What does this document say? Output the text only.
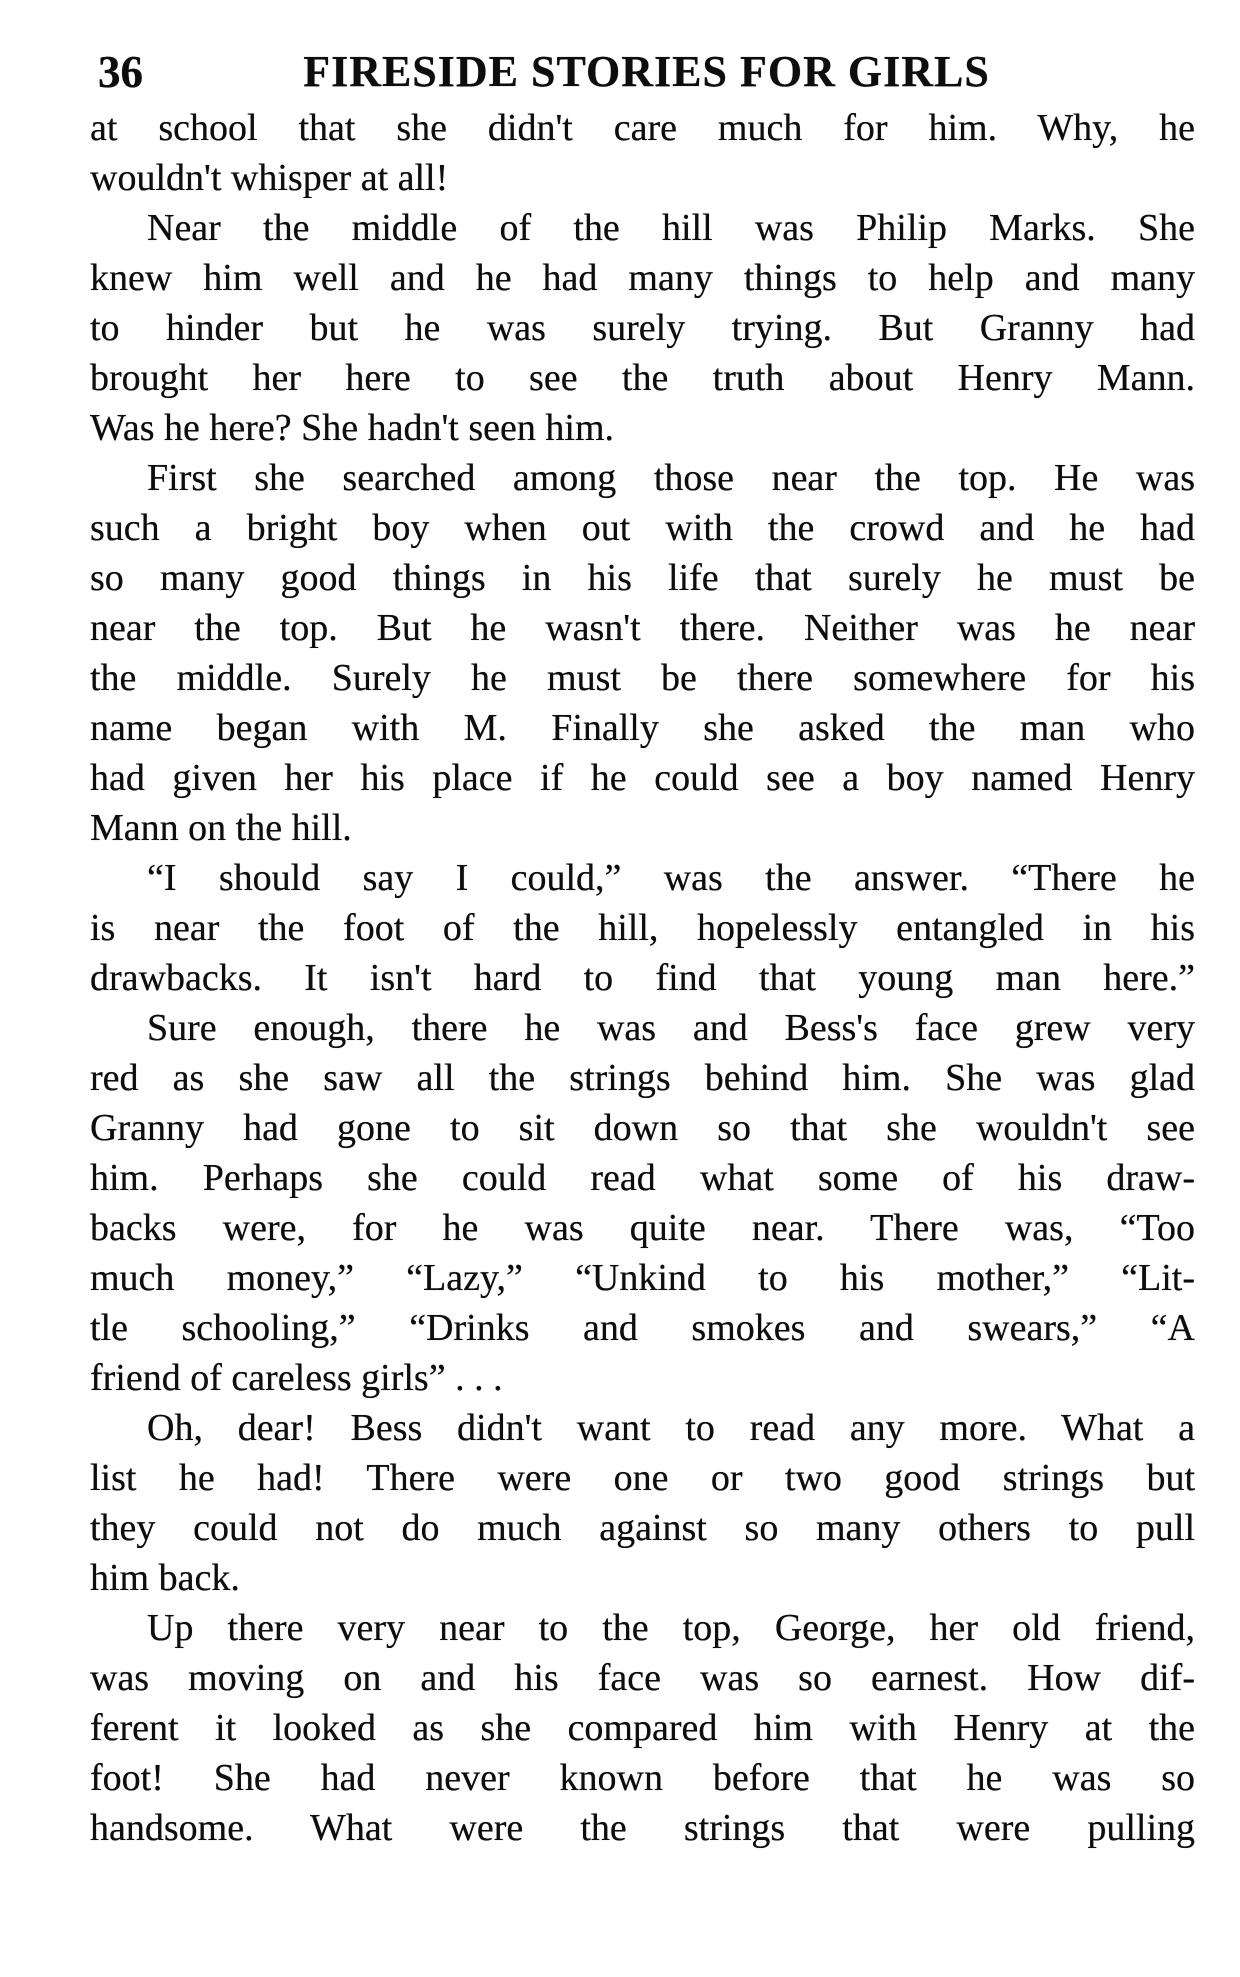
36	FIRESIDE STORIES FOR GIRLS
at school that she didn't care much for him. Why, he
wouldn't whisper at all!
Near the middle of the hill was Philip Marks. She
knew him well and he had many things to help and many
to hinder but he was surely trying. But Granny had
brought her here to see the truth about Henry Mann.
Was he here? She hadn't seen him.
First she searched among those near the top. He was
such a bright boy when out with the crowd and he had
so many good things in his life that surely he must be
near the top. But he wasn't there. Neither was he near
the middle. Surely he must be there somewhere for his
name began with M. Finally she asked the man who
had given her his place if he could see a boy named Henry
Mann on the hill.
“I should say I could,” was the answer. “There he
is near the foot of the hill, hopelessly entangled in his
drawbacks. It isn't hard to find that young man here.”
Sure enough, there he was and Bess's face grew very
red as she saw all the strings behind him. She was glad
Granny had gone to sit down so that she wouldn't see
him. Perhaps she could read what some of his draw-
backs were, for he was quite near. There was, “Too
much money,” “Lazy,” “Unkind to his mother,” “Lit-
tle schooling,” “Drinks and smokes and swears,” “A
friend of careless girls” . . .
Oh, dear! Bess didn't want to read any more. What a
list he had! There were one or two good strings but
they could not do much against so many others to pull
him back.
Up there very near to the top, George, her old friend,
was moving on and his face was so earnest. How dif-
ferent it looked as she compared him with Henry at the
foot! She had never known before that he was so
handsome. What were the strings that were pulling
